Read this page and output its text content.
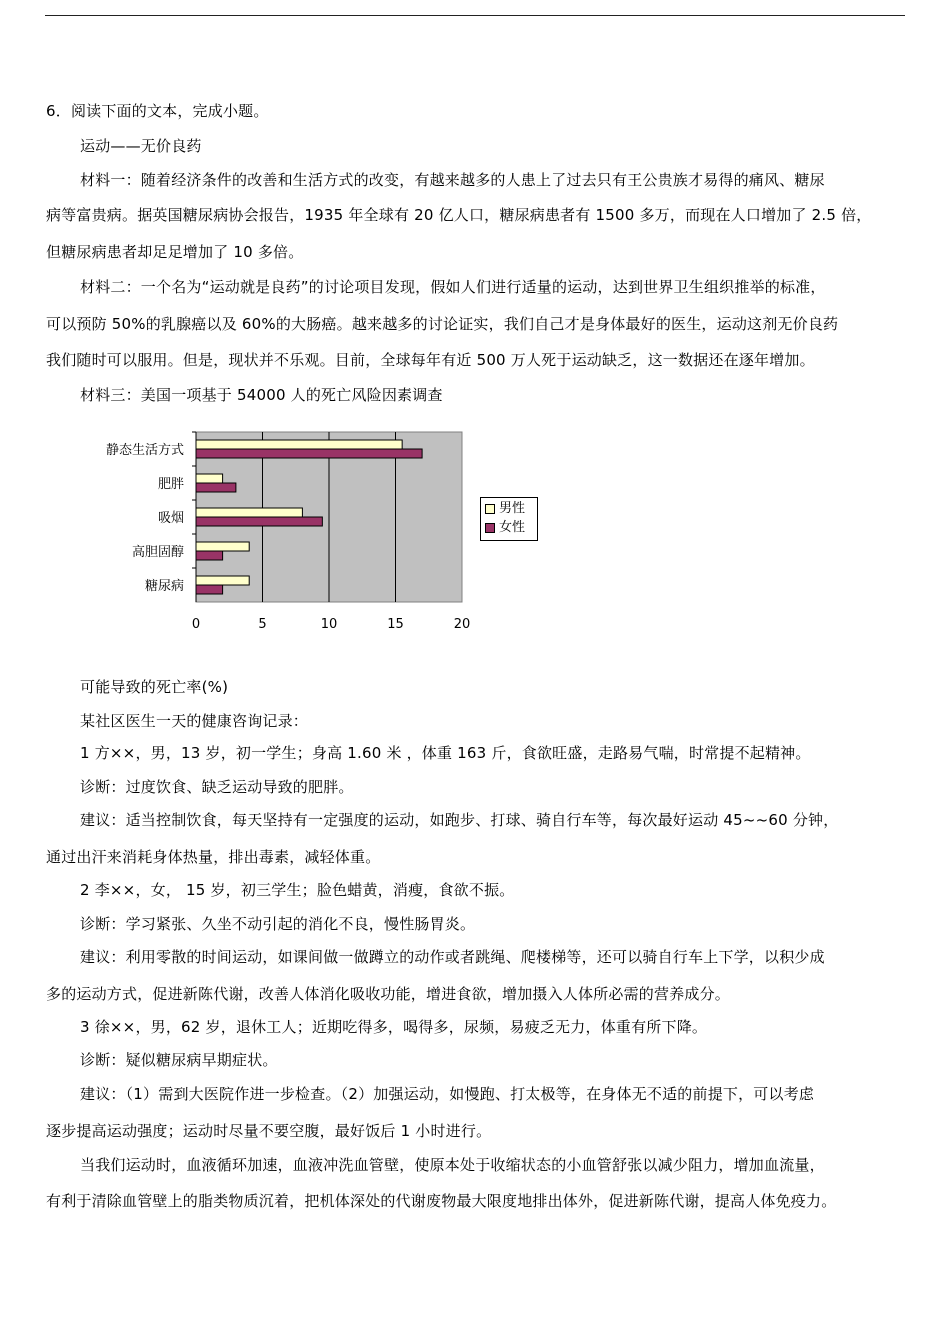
6．阅读下面的文本，完成小题。
运动——无价良药
材料一：随着经济条件的改善和生活方式的改变，有越来越多的人患上了过去只有王公贵族才易得的痛风、糖尿
病等富贵病。据英国糖尿病协会报告，1935 年全球有 20 亿人口，糖尿病患者有 1500 多万，而现在人口增加了 2.5 倍，
但糖尿病患者却足足增加了 10 多倍。
材料二：一个名为“运动就是良药”的讨论项目发现，假如人们进行适量的运动，达到世界卫生组织推举的标准，
可以预防 50%的乳腺癌以及 60%的大肠癌。越来越多的讨论证实，我们自己才是身体最好的医生，运动这剂无价良药
我们随时可以服用。但是，现状并不乐观。目前，全球每年有近 500 万人死于运动缺乏，这一数据还在逐年增加。
材料三：美国一项基于 54000 人的死亡风险因素调查
0	5	10	15	20
静态生活方式
肥胖
吸烟
高胆固醇
糖尿病
男性
女性
可能导致的死亡率(%)
某社区医生一天的健康咨询记录：
1 方××，男，13 岁，初一学生；身高 1.60 米 ，体重 163 斤，食欲旺盛，走路易气喘，时常提不起精神。
诊断：过度饮食、缺乏运动导致的肥胖。
建议：适当控制饮食，每天坚持有一定强度的运动，如跑步、打球、骑自行车等，每次最好运动 45~~60 分钟，
通过出汗来消耗身体热量，排出毒素，减轻体重。
2 李××，女， 15 岁，初三学生；脸色蜡黄，消瘦，食欲不振。
诊断：学习紧张、久坐不动引起的消化不良，慢性肠胃炎。
建议：利用零散的时间运动，如课间做一做蹲立的动作或者跳绳、爬楼梯等，还可以骑自行车上下学，以积少成
多的运动方式，促进新陈代谢，改善人体消化吸收功能，增进食欲，增加摄入人体所必需的营养成分。
3 徐××，男，62 岁，退休工人；近期吃得多，喝得多，尿频，易疲乏无力，体重有所下降。
诊断：疑似糖尿病早期症状。
建议：（1）需到大医院作进一步检查。（2）加强运动，如慢跑、打太极等，在身体无不适的前提下，可以考虑
逐步提高运动强度；运动时尽量不要空腹，最好饭后 1 小时进行。
当我们运动时，血液循环加速，血液冲洗血管壁，使原本处于收缩状态的小血管舒张以减少阻力，增加血流量，
有利于清除血管壁上的脂类物质沉着，把机体深处的代谢废物最大限度地排出体外，促进新陈代谢，提高人体免疫力。
